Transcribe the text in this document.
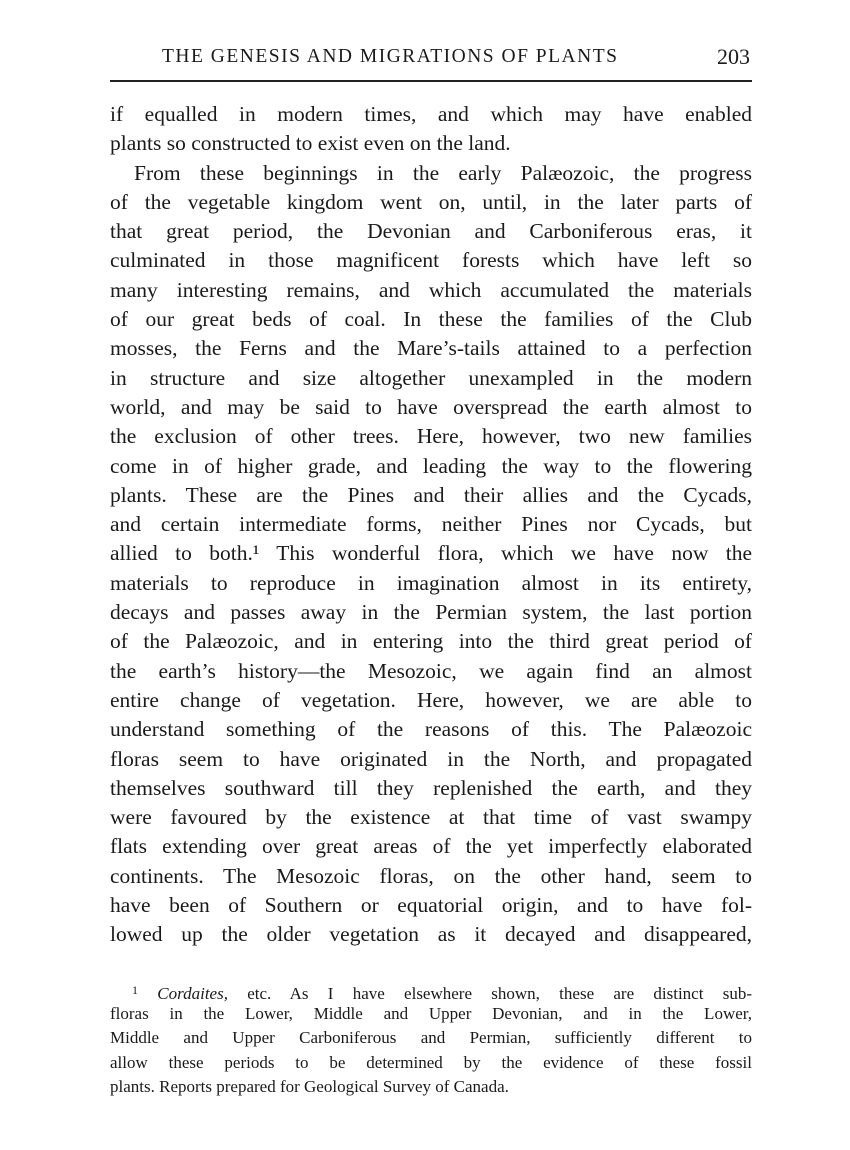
THE GENESIS AND MIGRATIONS OF PLANTS	203
if equalled in modern times, and which may have enabled
plants so constructed to exist even on the land.
From these beginnings in the early Palæozoic, the progress
of the vegetable kingdom went on, until, in the later parts of
that great period, the Devonian and Carboniferous eras, it
culminated in those magnificent forests which have left so
many interesting remains, and which accumulated the materials
of our great beds of coal. In these the families of the Club
mosses, the Ferns and the Mare’s-tails attained to a perfection
in structure and size altogether unexampled in the modern
world, and may be said to have overspread the earth almost to
the exclusion of other trees. Here, however, two new families
come in of higher grade, and leading the way to the flowering
plants. These are the Pines and their allies and the Cycads,
and certain intermediate forms, neither Pines nor Cycads, but
allied to both.¹ This wonderful flora, which we have now the
materials to reproduce in imagination almost in its entirety,
decays and passes away in the Permian system, the last portion
of the Palæozoic, and in entering into the third great period of
the earth’s history—the Mesozoic, we again find an almost
entire change of vegetation. Here, however, we are able to
understand something of the reasons of this. The Palæozoic
floras seem to have originated in the North, and propagated
themselves southward till they replenished the earth, and they
were favoured by the existence at that time of vast swampy
flats extending over great areas of the yet imperfectly elaborated
continents. The Mesozoic floras, on the other hand, seem to
have been of Southern or equatorial origin, and to have fol-
lowed up the older vegetation as it decayed and disappeared,
$^1$ Cordaites, etc. As I have elsewhere shown, these are distinct sub-
floras in the Lower, Middle and Upper Devonian, and in the Lower,
Middle and Upper Carboniferous and Permian, sufficiently different to
allow these periods to be determined by the evidence of these fossil
plants. Reports prepared for Geological Survey of Canada.
